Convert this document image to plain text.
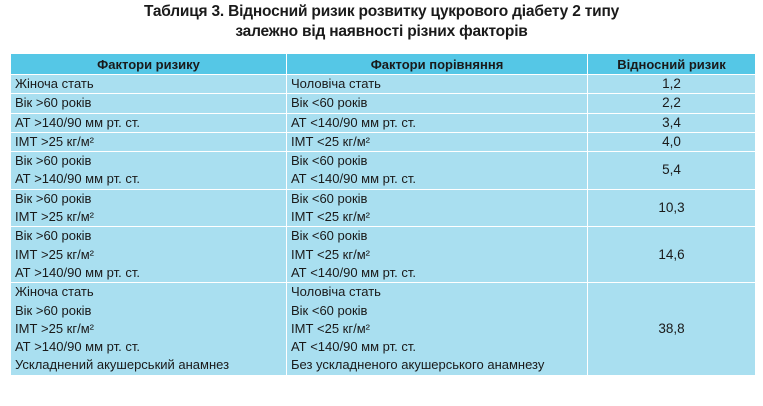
Таблиця 3. Відносний ризик розвитку цукрового діабету 2 типу
залежно від наявності різних факторів
Фактори ризику	Фактори порівняння	Відносний ризик

Жіноча стать	Чоловіча стать	1,2

Вік >60 років	Вік <60 років	2,2

АТ >140/90 мм рт. ст.	АТ <140/90 мм рт. ст.	3,4

ІМТ >25 кг/м²	ІМТ <25 кг/м²	4,0

Вік >60 років
АТ >140/90 мм рт. ст.	Вік <60 років
АТ <140/90 мм рт. ст.	5,4

Вік >60 років
ІМТ >25 кг/м²	Вік <60 років
ІМТ <25 кг/м²	10,3

Вік >60 років
ІМТ >25 кг/м²
АТ >140/90 мм рт. ст.	Вік <60 років
ІМТ <25 кг/м²
АТ <140/90 мм рт. ст.	14,6

Жіноча стать
Вік >60 років
ІМТ >25 кг/м²
АТ >140/90 мм рт. ст.
Ускладнений акушерський анамнез	Чоловіча стать
Вік <60 років
ІМТ <25 кг/м²
АТ <140/90 мм рт. ст.
Без ускладненого акушерського анамнезу	38,8
